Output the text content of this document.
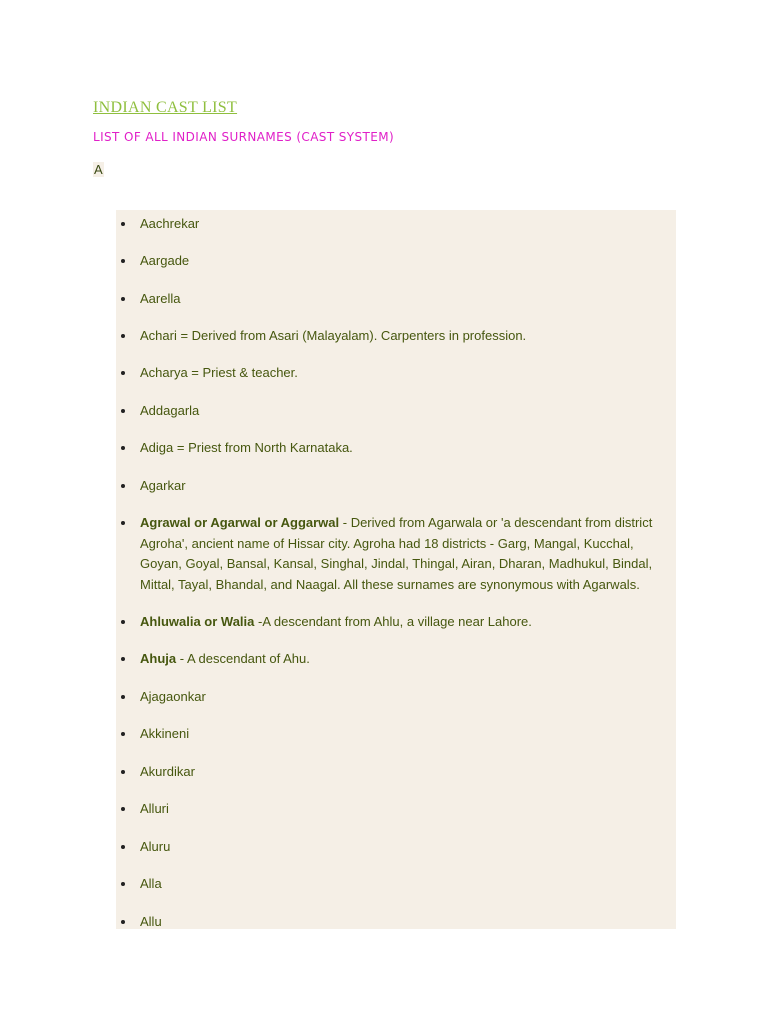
INDIAN CAST LIST
LIST OF ALL INDIAN SURNAMES (CAST SYSTEM)
A
Aachrekar
Aargade
Aarella
Achari = Derived from Asari (Malayalam). Carpenters in profession.
Acharya = Priest & teacher.
Addagarla
Adiga = Priest from North Karnataka.
Agarkar
Agrawal or Agarwal or Aggarwal - Derived from Agarwala or 'a descendant from district Agroha', ancient name of Hissar city. Agroha had 18 districts - Garg, Mangal, Kucchal, Goyan, Goyal, Bansal, Kansal, Singhal, Jindal, Thingal, Airan, Dharan, Madhukul, Bindal, Mittal, Tayal, Bhandal, and Naagal. All these surnames are synonymous with Agarwals.
Ahluwalia or Walia -A descendant from Ahlu, a village near Lahore.
Ahuja - A descendant of Ahu.
Ajagaonkar
Akkineni
Akurdikar
Alluri
Aluru
Alla
Allu
